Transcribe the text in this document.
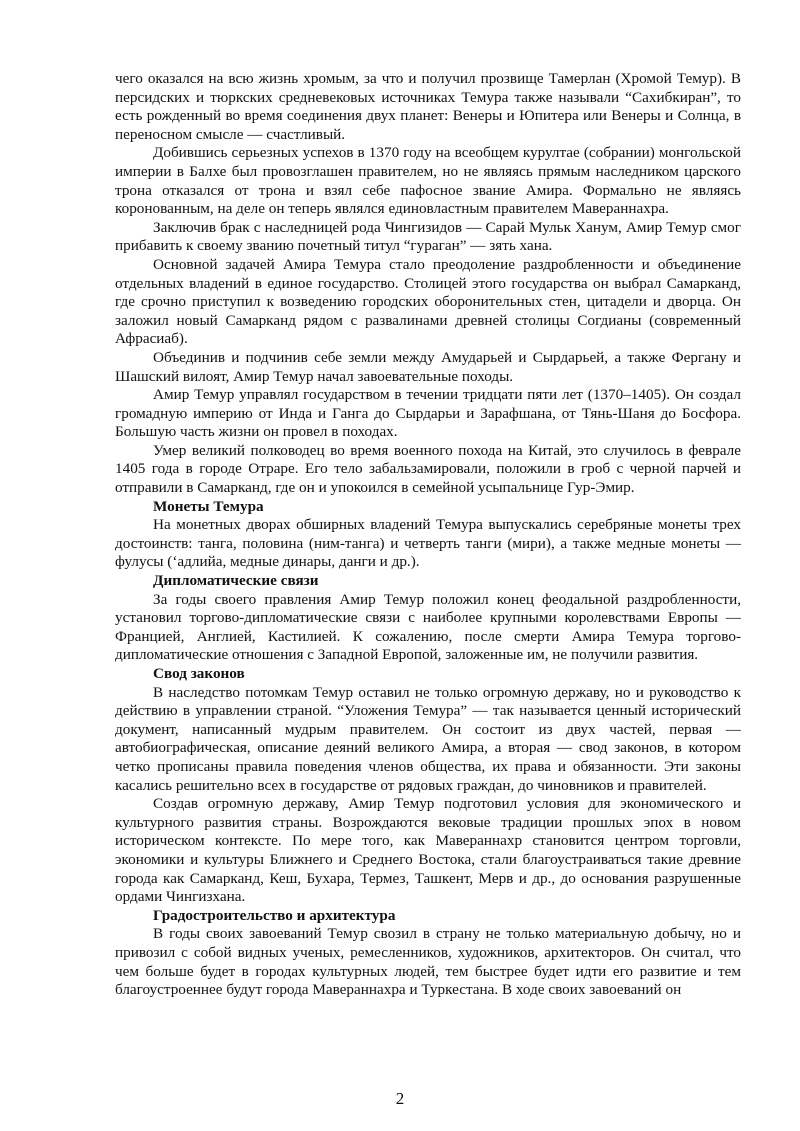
чего оказался на всю жизнь хромым, за что и получил прозвище Тамерлан (Хромой Темур). В персидских и тюркских средневековых источниках Темура также называли “Сахибкиран”, то есть рожденный во время соединения двух планет: Венеры и Юпитера или Венеры и Солнца, в переносном смысле — счастливый.

Добившись серьезных успехов в 1370 году на всеобщем курултае (собрании) монгольской империи в Балхе был провозглашен правителем, но не являясь прямым наследником царского трона отказался от трона и взял себе пафосное звание Амира. Формально не являясь коронованным, на деле он теперь являлся единовластным правителем Мавераннахра.

Заключив брак с наследницей рода Чингизидов — Сарай Мульк Ханум, Амир Темур смог прибавить к своему званию почетный титул “гураган” — зять хана.

Основной задачей Амира Темура стало преодоление раздробленности и объединение отдельных владений в единое государство. Столицей этого государства он выбрал Самарканд, где срочно приступил к возведению городских оборонительных стен, цитадели и дворца. Он заложил новый Самарканд рядом с развалинами древней столицы Согдианы (современный Афрасиаб).

Объединив и подчинив себе земли между Амударьей и Сырдарьей, а также Фергану и Шашский вилоят, Амир Темур начал завоевательные походы.

Амир Темур управлял государством в течении тридцати пяти лет (1370–1405). Он создал громадную империю от Инда и Ганга до Сырдарьи и Зарафшана, от Тянь-Шаня до Босфора. Большую часть жизни он провел в походах.

Умер великий полководец во время военного похода на Китай, это случилось в феврале 1405 года в городе Отраре. Его тело забальзамировали, положили в гроб с черной парчей и отправили в Самарканд, где он и упокоился в семейной усыпальнице Гур-Эмир.

Монеты Темура

На монетных дворах обширных владений Темура выпускались серебряные монеты трех достоинств: танга, половина (ним-танга) и четверть танги (мири), а также медные монеты — фулусы (‘адлийа, медные динары, данги и др.).

Дипломатические связи

За годы своего правления Амир Темур положил конец феодальной раздробленности, установил торгово-дипломатические связи с наиболее крупными королевствами Европы — Францией, Англией, Кастилией. К сожалению, после смерти Амира Темура торгово-дипломатические отношения с Западной Европой, заложенные им, не получили развития.

Свод законов

В наследство потомкам Темур оставил не только огромную державу, но и руководство к действию в управлении страной. “Уложения Темура” — так называется ценный исторический документ, написанный мудрым правителем. Он состоит из двух частей, первая — автобиографическая, описание деяний великого Амира, а вторая — свод законов, в котором четко прописаны правила поведения членов общества, их права и обязанности. Эти законы касались решительно всех в государстве от рядовых граждан, до чиновников и правителей.

Создав огромную державу, Амир Темур подготовил условия для экономического и культурного развития страны. Возрождаются вековые традиции прошлых эпох в новом историческом контексте. По мере того, как Мавераннахр становится центром торговли, экономики и культуры Ближнего и Среднего Востока, стали благоустраиваться такие древние города как Самарканд, Кеш, Бухара, Термез, Ташкент, Мерв и др., до основания разрушенные ордами Чингизхана.

Градостроительство и архитектура

В годы своих завоеваний Темур свозил в страну не только материальную добычу, но и привозил с собой видных ученых, ремесленников, художников, архитекторов. Он считал, что чем больше будет в городах культурных людей, тем быстрее будет идти его развитие и тем благоустроеннее будут города Мавераннахра и Туркестана. В ходе своих завоеваний он

2
